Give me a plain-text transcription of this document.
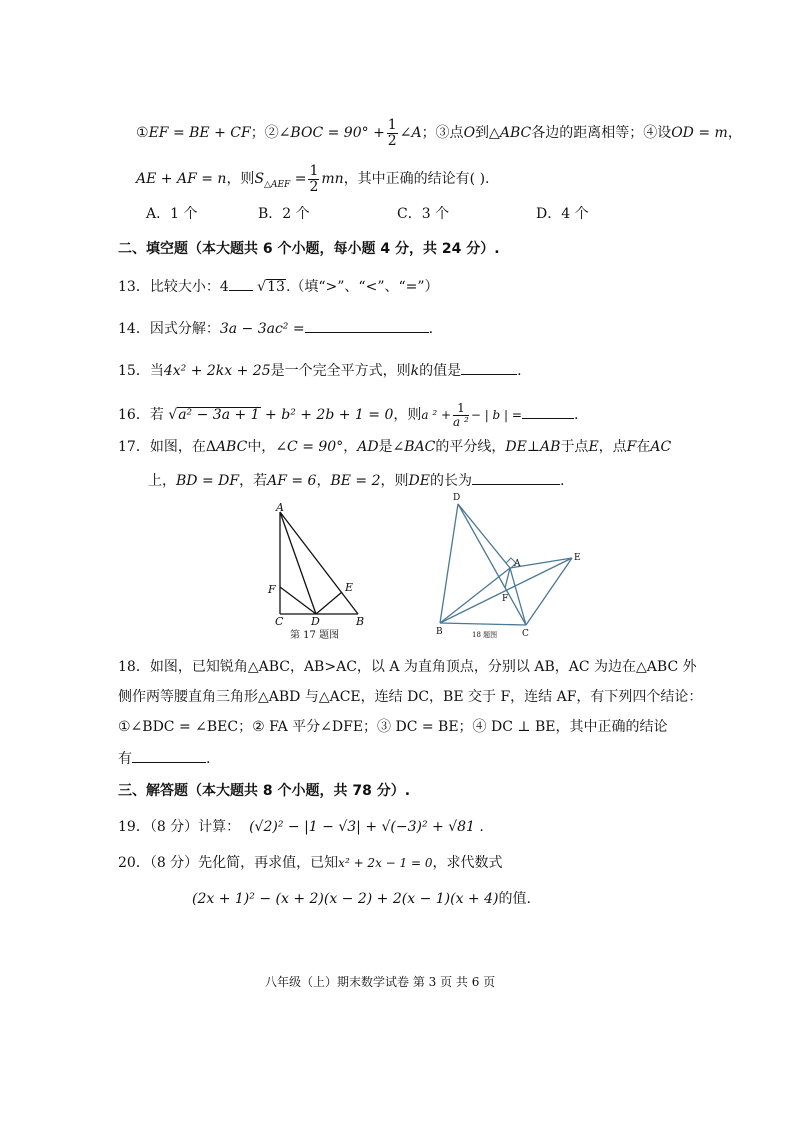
①EF = BE + CF；②∠BOC = $90^\circ + \frac{1}{2}$ ∠A；③点O到△ABC各边的距离相等；④设OD = m，
AE + AF = n，则$S_{\triangle AEF} = \frac{1}{2}$ mn，其中正确的结论有( ).
A．1 个	B．2 个	C．3 个	D．4 个
二、填空题（本大题共 6 个小题，每小题 4 分，共 24 分）.
13．比较大小：4 √13.（填“>”、“<”、“=”）
14．因式分解：3a − 3ac² =	.
15．当4x² + 2kx + 25是一个完全平方式，则k的值是	.
16．若 √a² − 3a + 1 + b² + 2b + 1 = 0，则a $^2 + \frac{1}{\text{a ²}}$ − | b | =	.
17．如图，在ΔABC中，∠C = 90°，AD是∠BAC的平分线，DE⊥AB于点E，点F在AC
上，BD = DF，若AF = 6，BE = 2，则DE的长为	.
A
F	E
C	D	B
第 17 题图
D
A
E
F
B	C
18 题图
18．如图，已知锐角△ABC，AB>AC，以 A 为直角顶点，分别以 AB，AC 为边在△ABC 外
侧作两等腰直角三角形△ABD 与△ACE，连结 DC，BE 交于 F，连结 AF，有下列四个结论：
①∠BDC = ∠BEC；② FA 平分∠DFE；③ DC = BE；④ DC ⊥ BE，其中正确的结论
有	.
三、解答题（本大题共 8 个小题，共 78 分）.
19．（8 分）计算： (√2)² − |1 − √3| + √(−3)² + √81 .
20．（8 分）先化简，再求值，已知x² + 2x − 1 = 0，求代数式
(2x + 1)² − (x + 2)(x − 2) + 2(x − 1)(x + 4)的值.
八年级（上）期末数学试卷 第 3 页 共 6 页
